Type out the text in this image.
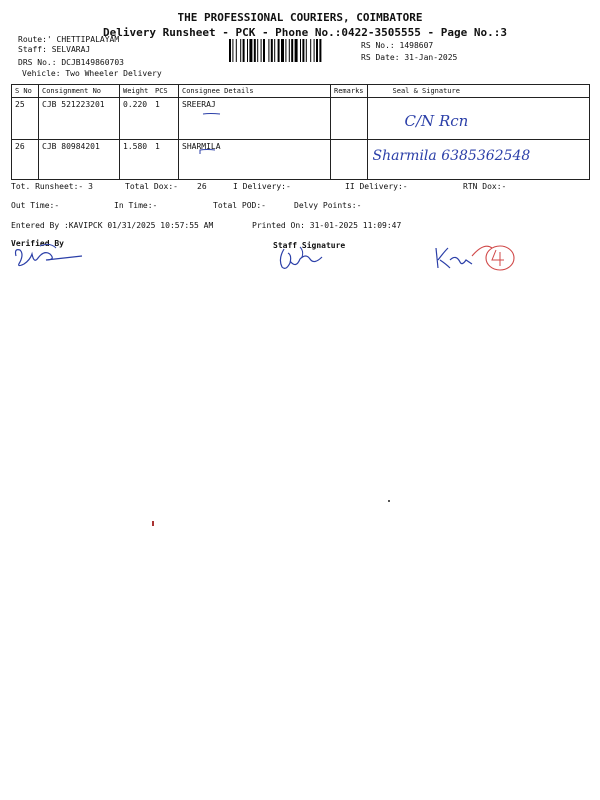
THE PROFESSIONAL COURIERS, COIMBATORE
Delivery Runsheet - PCK - Phone No.:0422-3505555 - Page No.:3
Route:' CHETTIPALAYAM
Staff: SELVARAJ
DRS No.: DCJB149860703
Vehicle: Two Wheeler Delivery
RS No.: 1498607
RS Date: 31-Jan-2025
S No	Consignment No	Weight	PCS	Consignee Details	Remarks	Seal & Signature
25	CJB 521223201	0.220	1	SREERAJ		C/N Rcn

26	CJB 80984201	1.580	1	SHARMILA		Sharmila 6385362548
Tot. Runsheet:- 3	Total Dox:- 26	I Delivery:-	II Delivery:-	RTN Dox:-
Out Time:-	In Time:-	Total POD:-	Delvy Points:-
Entered By :KAVIPCK 01/31/2025 10:57:55 AM	Printed On: 31-01-2025 11:09:47
Verified By	Staff Signature
